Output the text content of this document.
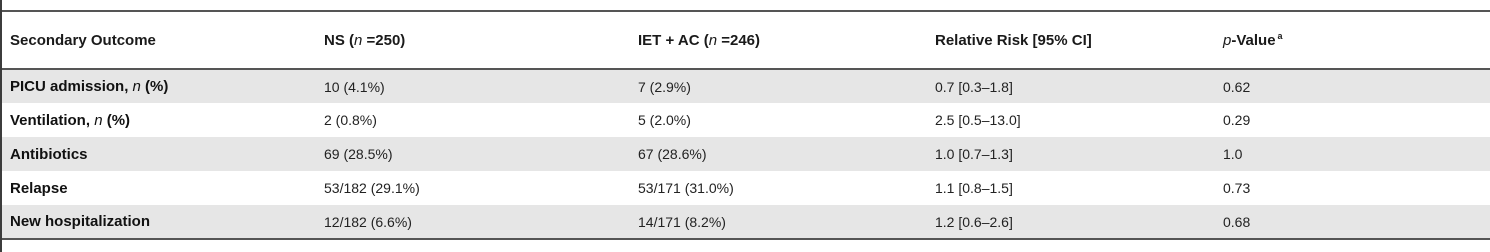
Secondary Outcome	NS (n =250)	IET + AC (n =246)	Relative Risk [95% CI]	p-Value $^a$
PICU admission, n (%)	10 (4.1%)	7 (2.9%)	0.7 [0.3–1.8]	0.62
Ventilation, n (%)	2 (0.8%)	5 (2.0%)	2.5 [0.5–13.0]	0.29
Antibiotics	69 (28.5%)	67 (28.6%)	1.0 [0.7–1.3]	1.0
Relapse	53/182 (29.1%)	53/171 (31.0%)	1.1 [0.8–1.5]	0.73
New hospitalization	12/182 (6.6%)	14/171 (8.2%)	1.2 [0.6–2.6]	0.68
